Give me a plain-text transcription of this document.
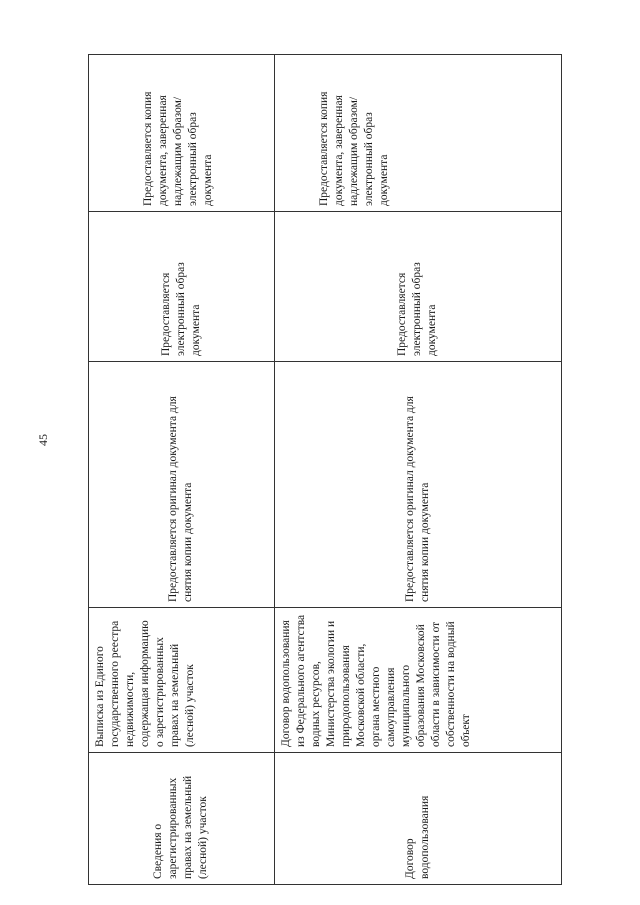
45
Сведения о зарегистрированных правах на земельный (лесной) участок	Выписка из Единого государственного реестра недвижимости, содержащая информацию о зарегистрированных правах на земельный (лесной) участок	Предоставляется оригинал документа для снятия копии документа	Предоставляется электронный образ документа	Предоставляется копия документа, заверенная надлежащим образом/электронный образ документа
Договор водопользования	Договор водопользования из Федерального агентства водных ресурсов, Министерства экологии и природопользования Московской области, органа местного самоуправления муниципального образования Московской области в зависимости от собственности на водный объект	Предоставляется оригинал документа для снятия копии документа	Предоставляется электронный образ документа	Предоставляется копия документа, заверенная надлежащим образом/электронный образ документа
